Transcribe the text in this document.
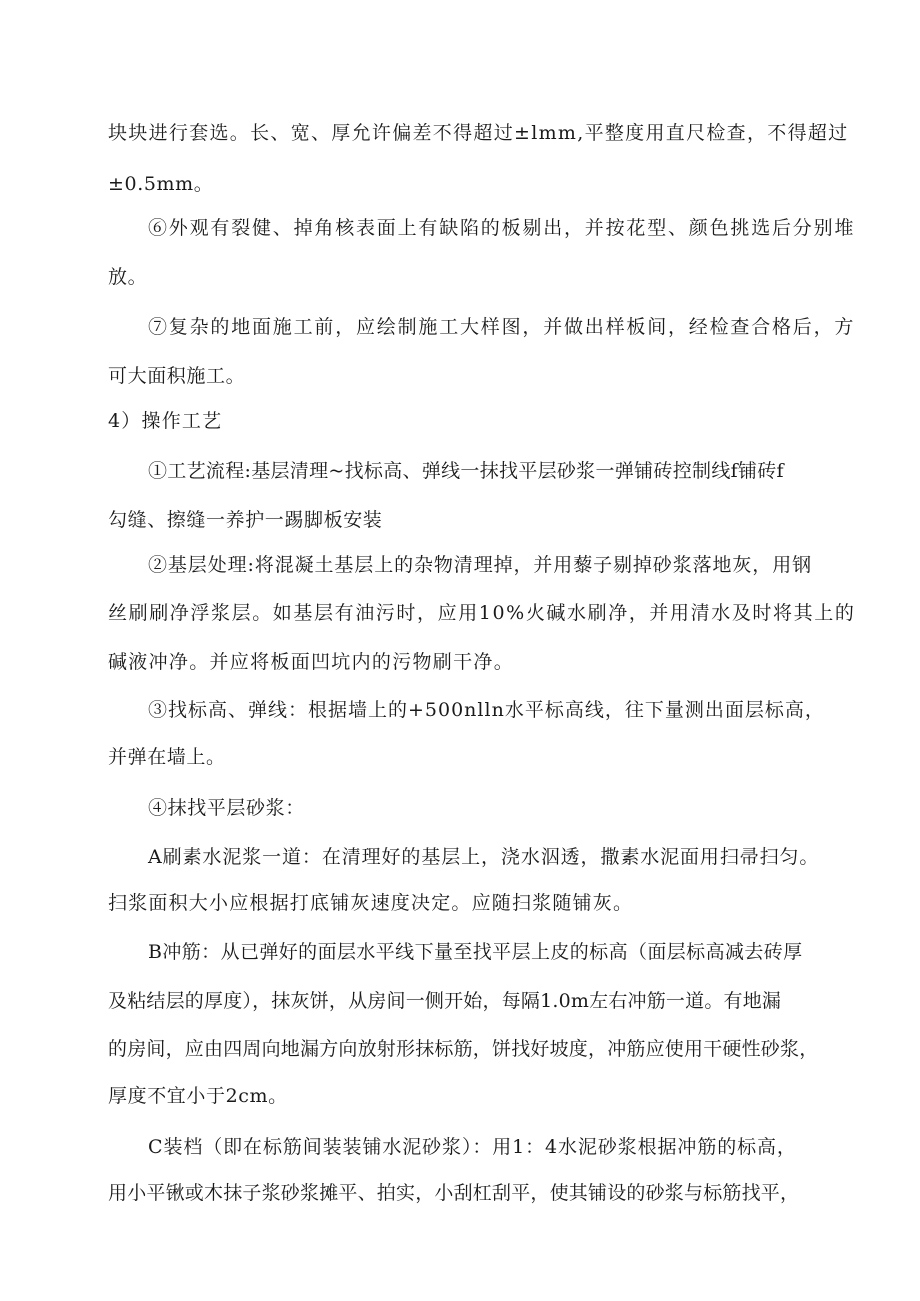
块块进行套选。长、宽、厚允许偏差不得超过±lmm,平整度用直尺检查，不得超过
±0.5mm。
⑥外观有裂健、掉角核表面上有缺陷的板剔出，并按花型、颜色挑选后分别堆
放。
⑦复杂的地面施工前，应绘制施工大样图，并做出样板间，经检查合格后，方
可大面积施工。
4）操作工艺
①工艺流程:基层清理~找标高、弹线一抹找平层砂浆一弹铺砖控制线f铺砖f
勾缝、擦缝一养护一踢脚板安装
②基层处理:将混凝土基层上的杂物清理掉，并用藜子剔掉砂浆落地灰，用钢
丝刷刷净浮浆层。如基层有油污时，应用10%火碱水刷净，并用清水及时将其上的
碱液冲净。并应将板面凹坑内的污物刷干净。
③找标高、弹线：根据墙上的+500nlln水平标高线，往下量测出面层标高，
并弹在墙上。
④抹找平层砂浆：
A刷素水泥浆一道：在清理好的基层上，浇水泅透，撒素水泥面用扫帚扫匀。
扫浆面积大小应根据打底铺灰速度决定。应随扫浆随铺灰。
B冲筋：从已弹好的面层水平线下量至找平层上皮的标高（面层标高减去砖厚
及粘结层的厚度），抹灰饼，从房间一侧开始，每隔1.0m左右冲筋一道。有地漏
的房间，应由四周向地漏方向放射形抹标筋，饼找好坡度，冲筋应使用干硬性砂浆，
厚度不宜小于2cm。
C装档（即在标筋间装装铺水泥砂浆）：用1：4水泥砂浆根据冲筋的标高，
用小平锹或木抹子浆砂浆摊平、拍实，小刮杠刮平，使其铺设的砂浆与标筋找平，
